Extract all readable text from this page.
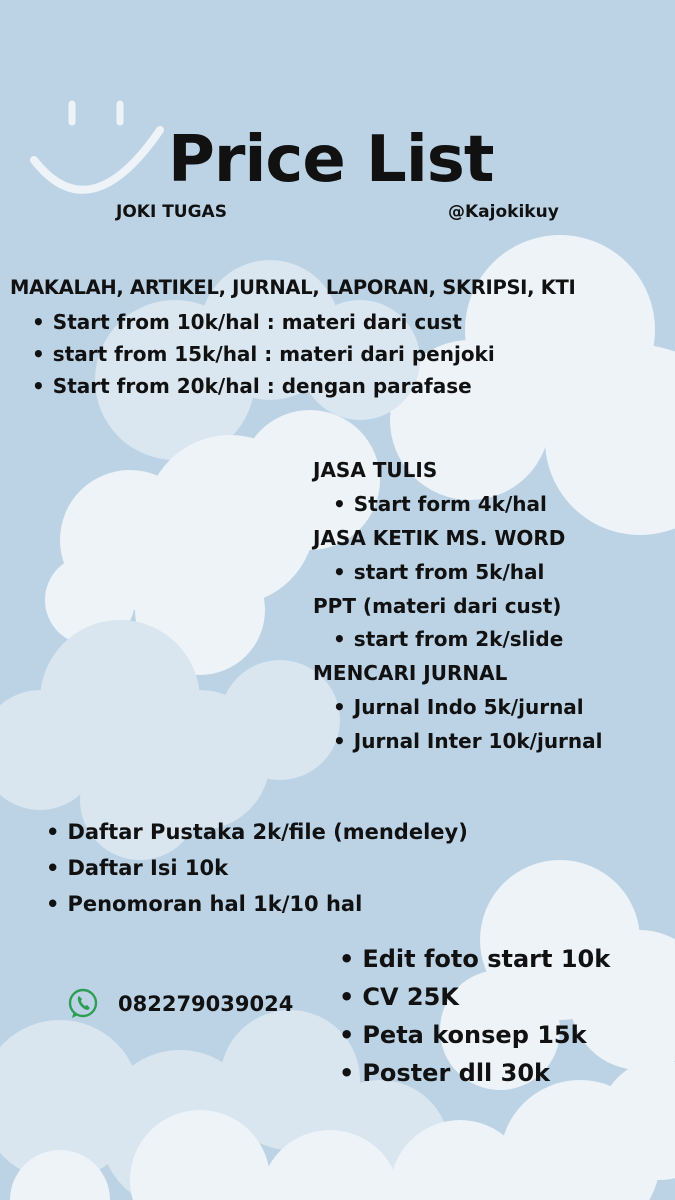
Price List
JOKI TUGAS	@Kajokikuy
MAKALAH, ARTIKEL, JURNAL, LAPORAN, SKRIPSI, KTI
• Start from 10k/hal : materi dari cust
• start from 15k/hal : materi dari penjoki
• Start from 20k/hal : dengan parafase
JASA TULIS
• Start form 4k/hal
JASA KETIK MS. WORD
• start from 5k/hal
PPT (materi dari cust)
• start from 2k/slide
MENCARI JURNAL
• Jurnal Indo 5k/jurnal
• Jurnal Inter 10k/jurnal
• Daftar Pustaka 2k/file (mendeley)
• Daftar Isi 10k
• Penomoran hal 1k/10 hal
• Edit foto start 10k
• CV 25K
• Peta konsep 15k
• Poster dll 30k
082279039024
